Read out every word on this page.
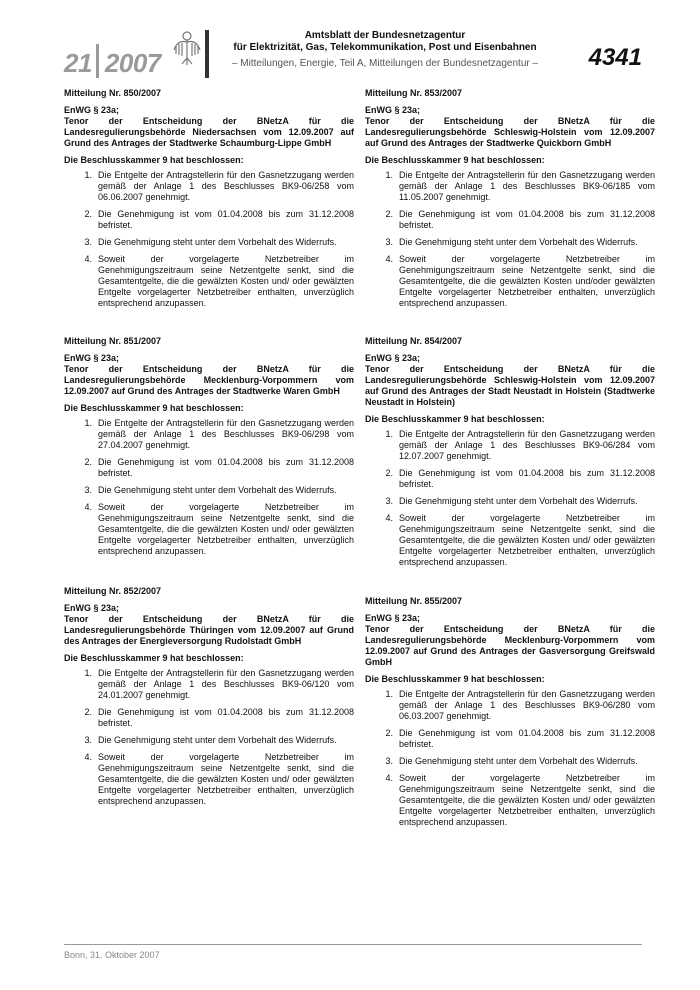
21 2007
Amtsblatt der Bundesnetzagentur
für Elektrizität, Gas, Telekommunikation, Post und Eisenbahnen
– Mitteilungen, Energie, Teil A, Mitteilungen der Bundesnetzagentur –	4341
Mitteilung Nr. 850/2007
EnWG § 23a;
Tenor der Entscheidung der BNetzA für die Landesregulierungsbehörde Niedersachsen vom 12.09.2007 auf Grund des Antrages der Stadtwerke Schaumburg-Lippe GmbH
Die Beschlusskammer 9 hat beschlossen:
1. Die Entgelte der Antragstellerin für den Gasnetzzugang werden gemäß der Anlage 1 des Beschlusses BK9-06/258 vom 06.06.2007 genehmigt.
2. Die Genehmigung ist vom 01.04.2008 bis zum 31.12.2008 befristet.
3. Die Genehmigung steht unter dem Vorbehalt des Widerrufs.
4. Soweit der vorgelagerte Netzbetreiber im Genehmigungszeitraum seine Netzentgelte senkt, sind die Gesamtentgelte, die die gewälzten Kosten und/ oder gewälzten Entgelte vorgelagerter Netzbetreiber enthalten, unverzüglich entsprechend anzupassen.
Mitteilung Nr. 851/2007
EnWG § 23a;
Tenor der Entscheidung der BNetzA für die Landesregulierungsbehörde Mecklenburg-Vorpommern vom 12.09.2007 auf Grund des Antrages der Stadtwerke Waren GmbH
Die Beschlusskammer 9 hat beschlossen:
1. Die Entgelte der Antragstellerin für den Gasnetzzugang werden gemäß der Anlage 1 des Beschlusses BK9-06/298 vom 27.04.2007 genehmigt.
2. Die Genehmigung ist vom 01.04.2008 bis zum 31.12.2008 befristet.
3. Die Genehmigung steht unter dem Vorbehalt des Widerrufs.
4. Soweit der vorgelagerte Netzbetreiber im Genehmigungszeitraum seine Netzentgelte senkt, sind die Gesamtentgelte, die die gewälzten Kosten und/ oder gewälzten Entgelte vorgelagerter Netzbetreiber enthalten, unverzüglich entsprechend anzupassen.
Mitteilung Nr. 852/2007
EnWG § 23a;
Tenor der Entscheidung der BNetzA für die Landesregulierungsbehörde Thüringen vom 12.09.2007 auf Grund des Antrages der Energieversorgung Rudolstadt GmbH
Die Beschlusskammer 9 hat beschlossen:
1. Die Entgelte der Antragstellerin für den Gasnetzzugang werden gemäß der Anlage 1 des Beschlusses BK9-06/120 vom 24.01.2007 genehmigt.
2. Die Genehmigung ist vom 01.04.2008 bis zum 31.12.2008 befristet.
3. Die Genehmigung steht unter dem Vorbehalt des Widerrufs.
4. Soweit der vorgelagerte Netzbetreiber im Genehmigungszeitraum seine Netzentgelte senkt, sind die Gesamtentgelte, die die gewälzten Kosten und/ oder gewälzten Entgelte vorgelagerter Netzbetreiber enthalten, unverzüglich entsprechend anzupassen.
Mitteilung Nr. 853/2007
EnWG § 23a;
Tenor der Entscheidung der BNetzA für die Landesregulierungsbehörde Schleswig-Holstein vom 12.09.2007 auf Grund des Antrages der Stadtwerke Quickborn GmbH
Die Beschlusskammer 9 hat beschlossen:
1. Die Entgelte der Antragstellerin für den Gasnetzzugang werden gemäß der Anlage 1 des Beschlusses BK9-06/185 vom 11.05.2007 genehmigt.
2. Die Genehmigung ist vom 01.04.2008 bis zum 31.12.2008 befristet.
3. Die Genehmigung steht unter dem Vorbehalt des Widerrufs.
4. Soweit der vorgelagerte Netzbetreiber im Genehmigungszeitraum seine Netzentgelte senkt, sind die Gesamtentgelte, die die gewälzten Kosten und/oder gewälzten Entgelte vorgelagerter Netzbetreiber enthalten, unverzüglich entsprechend anzupassen.
Mitteilung Nr. 854/2007
EnWG § 23a;
Tenor der Entscheidung der BNetzA für die Landesregulierungsbehörde Schleswig-Holstein vom 12.09.2007 auf Grund des Antrages der Stadt Neustadt in Holstein (Stadtwerke Neustadt in Holstein)
Die Beschlusskammer 9 hat beschlossen:
1. Die Entgelte der Antragstellerin für den Gasnetzzugang werden gemäß der Anlage 1 des Beschlusses BK9-06/284 vom 12.07.2007 genehmigt.
2. Die Genehmigung ist vom 01.04.2008 bis zum 31.12.2008 befristet.
3. Die Genehmigung steht unter dem Vorbehalt des Widerrufs.
4. Soweit der vorgelagerte Netzbetreiber im Genehmigungszeitraum seine Netzentgelte senkt, sind die Gesamtentgelte, die die gewälzten Kosten und/ oder gewälzten Entgelte vorgelagerter Netzbetreiber enthalten, unverzüglich entsprechend anzupassen.
Mitteilung Nr. 855/2007
EnWG § 23a;
Tenor der Entscheidung der BNetzA für die Landesregulierungsbehörde Mecklenburg-Vorpommern vom 12.09.2007 auf Grund des Antrages der Gasversorgung Greifswald GmbH
Die Beschlusskammer 9 hat beschlossen:
1. Die Entgelte der Antragstellerin für den Gasnetzzugang werden gemäß der Anlage 1 des Beschlusses BK9-06/280 vom 06.03.2007 genehmigt.
2. Die Genehmigung ist vom 01.04.2008 bis zum 31.12.2008 befristet.
3. Die Genehmigung steht unter dem Vorbehalt des Widerrufs.
4. Soweit der vorgelagerte Netzbetreiber im Genehmigungszeitraum seine Netzentgelte senkt, sind die Gesamtentgelte, die die gewälzten Kosten und/ oder gewälzten Entgelte vorgelagerter Netzbetreiber enthalten, unverzüglich entsprechend anzupassen.
Bonn, 31. Oktober 2007
